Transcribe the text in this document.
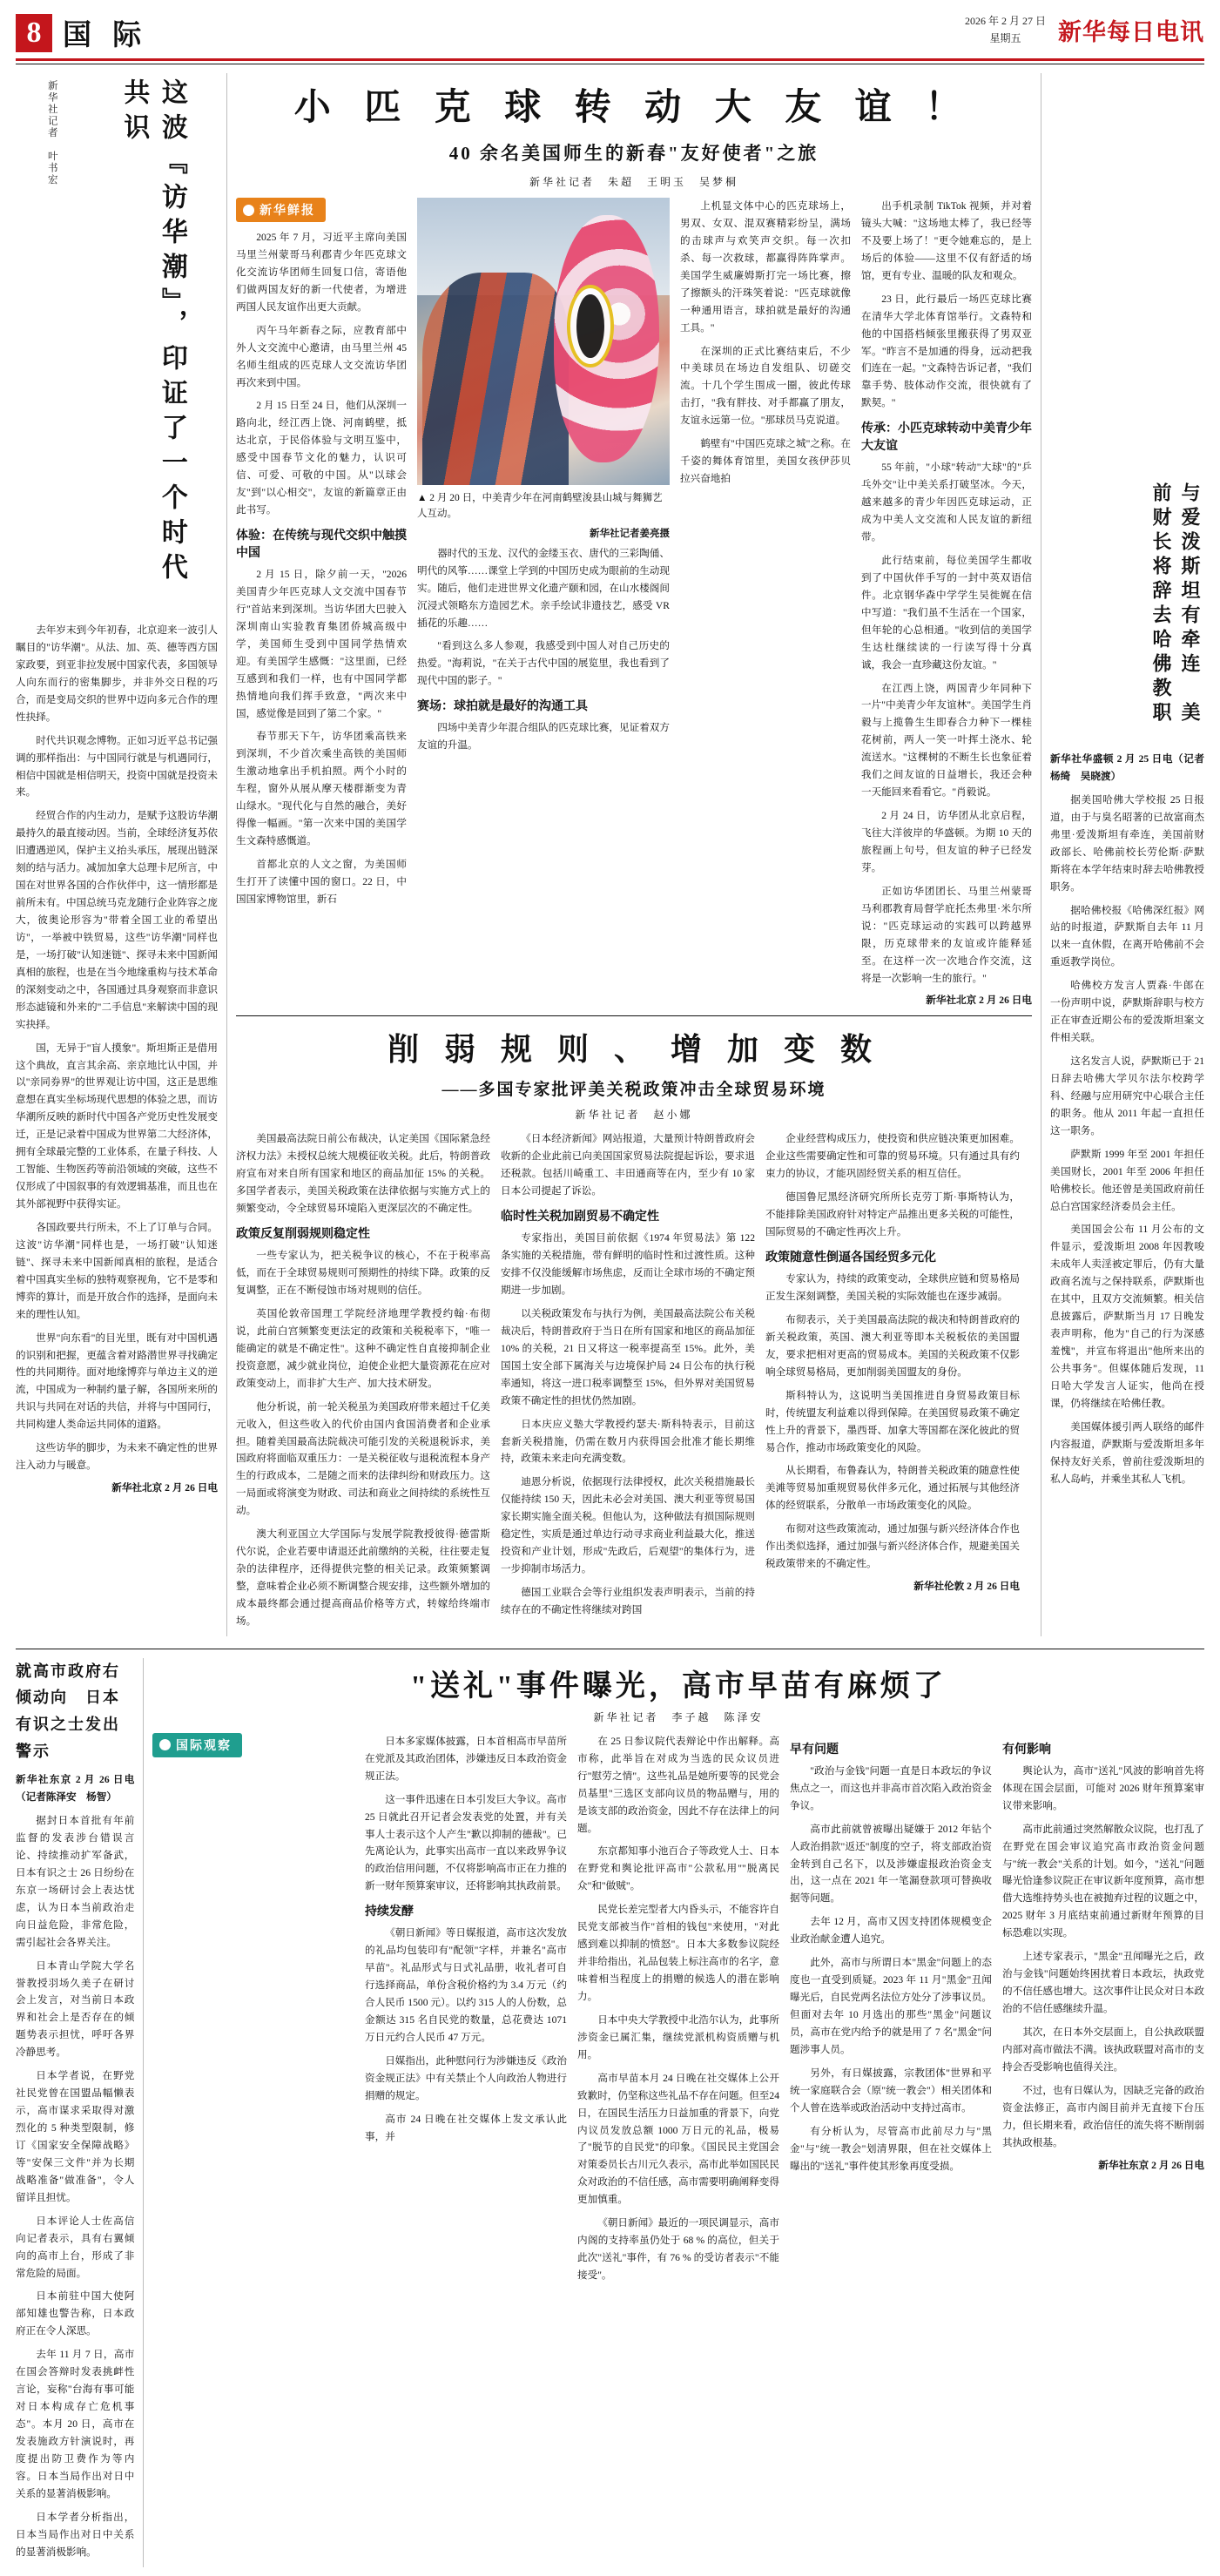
8 国 际	2026 年 2 月 27 日
星期五	新华每日电讯
这波『访华潮』，印证了一个时代共识
新华社记者　叶书宏

去年岁末到今年初春，北京迎来一波引人瞩目的"访华潮"。从法、加、英、德等西方国家政要，到亚非拉发展中国家代表，多国领导人向东而行的密集脚步，并非外交日程的巧合，而是变局交织的世界中迈向多元合作的理性抉择。

时代共识观念博物。正如习近平总书记强调的那样指出：与中国同行就是与机遇同行，相信中国就是相信明天，投资中国就是投资未来。

经贸合作的内生动力，是赋予这股访华潮最持久的最直接动因。当前，全球经济复苏依旧遭遇逆风，保护主义抬头承压，展现出链深刻的结与活力。减加加拿大总理卡尼所言，中国在对世界各国的合作伙伴中，这一情形都是前所未有。中国总统马克龙随行企业阵容之庞大，彼奥论形容为"带着全国工业的希望出访"，一举被中铁贸易，这些"访华潮"同样也是，一场打破"认知迷链"、探寻未来中国新闻真相的旅程，也是在当今地缘重构与技术革命的深刻变动之中，各国通过具身观察而非意识形态滤镜和外来的"二手信息"来解读中国的现实抉择。

国，无异于"盲人摸象"。斯坦斯正是借用这个典故，直言其余高、亲京地比认中国，并以"亲同券界"的世界观让访中国，这正是思维意想在真实坐标场现代思想的体验之思，而访华潮所反映的新时代中国各产党历史性发展变迁，正是记录着中国成为世界第二大经济体，拥有全球最完整的工业体系，在量子科技、人工智能、生物医药等前沿领域的突破，这些不仅形成了中国叙事的有效逻辑基准，而且也在其外部视野中获得实证。

各国政要共行所未，不上了订单与合同。这波"访华潮"同样也是，一场打破"认知迷链"、探寻未来中国新闻真相的旅程，是适合着中国真实坐标的独特观察视角，它不是零和博弈的算计，而是开放合作的选择，是面向未来的理性认知。

世界"向东看"的目光里，既有对中国机遇的识别和把握，更蕴含着对路潜世界寻找确定性的共同期待。面对地缘博弈与单边主义的逆流，中国成为一种制约量子解，各国所来所的共识与共同在对话的共信，并将与中国同行，共同构建人类命运共同体的道路。

这些访华的脚步，为未来不确定性的世界注入动力与暖意。

新华社北京 2 月 26 日电
小 匹 克 球 转 动 大 友 谊 ！
40 余名美国师生的新春"友好使者"之旅
新华社记者　朱超　王明玉　吴梦桐
新华鲜报

2025 年 7 月，习近平主席向美国马里兰州蒙哥马利郡青少年匹克球文化交流访华团师生回复口信，寄语他们做两国友好的新一代使者，为增进两国人民友谊作出更大贡献。

丙午马年新春之际，应教育部中外人文交流中心邀请，由马里兰州 45 名师生组成的匹克球人文交流访华团再次来到中国。

2 月 15 日至 24 日，他们从深圳一路向北，经江西上饶、河南鹤壁，抵达北京，于民俗体验与文明互鉴中，感受中国春节文化的魅力，认识可信、可爱、可敬的中国。从"以球会友"到"以心相交"，友谊的新篇章正由此书写。

体验：在传统与现代交织中触摸中国

2 月 15 日，除夕前一天，"2026 美国青少年匹克球人文交流中国春节行"首站来到深圳。当访华团大巴驶入深圳南山实验教育集团侨城高级中学，美国师生受到中国同学热情欢迎。有美国学生感慨："这里面，已经互感到和我们一样，也有中国同学都热情地向我们挥手致意，"两次来中国，感觉像是回到了第二个家。"

春节那天下午，访华团乘高铁来到深圳，不少首次乘坐高铁的美国师生激动地拿出手机拍照。两个小时的车程，窗外从展从摩天楼群渐变为青山绿水。"现代化与自然的融合，美好得像一幅画。"第一次来中国的美国学生文森特感慨道。

首都北京的人文之窗，为美国师生打开了读懂中国的窗口。22 日，中国国家博物馆里，新石

▲ 2 月 20 日，中美青少年在河南鹤壁浚县山城与舞狮艺人互动。
新华社记者姜亮摄

器时代的玉龙、汉代的金缕玉衣、唐代的三彩陶俑、明代的风筝……课堂上学到的中国历史成为眼前的生动现实。随后，他们走进世界文化遗产颐和园，在山水楼阁间沉浸式领略东方造园艺术。亲手绘试非遗技艺，感受 VR 插花的乐趣……

"看到这么多人参观，我感受到中国人对自己历史的热爱。"海莉说，"在关于古代中国的展览里，我也看到了现代中国的影子。"

赛场：球拍就是最好的沟通工具

四场中美青少年混合组队的匹克球比赛，见证着双方友谊的升温。

上机显文体中心的匹克球场上，男双、女双、混双赛精彩纷呈，满场的击球声与欢笑声交织。每一次扣杀、每一次救球，都赢得阵阵掌声。美国学生威廉姆斯打完一场比赛，擦了擦额头的汗珠笑着说："匹克球就像一种通用语言，球拍就是最好的沟通工具。"

在深圳的正式比赛结束后，不少中美球员在场边自发组队、切磋交流。十几个学生围成一圈，彼此传球击打，"我有胖技、对手都赢了朋友，友谊永远第一位。"那球员马克说道。

鹤壁有"中国匹克球之城"之称。在千姿的舞体育馆里，美国女孩伊莎贝拉兴奋地拍

出手机录制 TikTok 视频，并对着镜头大喊："这场地太棒了，我已经等不及要上场了！"更令她难忘的，是上场后的体验——这里不仅有舒适的场馆，更有专业、温暖的队友和观众。

23 日，此行最后一场匹克球比赛在清华大学北体育馆举行。文森特和他的中国搭档倾张里搬获得了男双亚军。"昨言不是加通的得身，远动把我们连在一起。"文森特告诉记者，"我们靠手势、肢体动作交流，很快就有了默契。"

传承：小匹克球转动中美青少年大友谊

55 年前，"小球"转动"大球"的"乒乓外交"让中美关系打破坚冰。今天，越来越多的青少年因匹克球运动，正成为中美人文交流和人民友谊的新纽带。

此行结束前，每位美国学生都收到了中国伙伴手写的一封中英双语信件。北京钢华森中学学生吴徙娓在信中写道："我们虽不生活在一个国家，但年轮的心总相通。"收到信的美国学生达杜继续读的一行读写得十分真诚，我会一直珍藏这份友谊。"

在江西上饶，两国青少年同种下一片"中美青少年友谊林"。美国学生肖毅与上揽鲁生生即春合力种下一棵桂花树前，两人一笑一叶挥土浇水、轮流送水。"这棵树的不断生长也象征着我们之间友谊的日益增长，我还会种一天能回来看看它。"肖毅说。

2 月 24 日，访华团从北京启程，飞往大洋彼岸的华盛顿。为期 10 天的旅程画上句号，但友谊的种子已经发芽。

正如访华团团长、马里兰州蒙哥马利郡教育局督学庇托杰弗里·米尔所说："匹克球运动的实践可以跨越界限，历克球带来的友谊或许能释延至。在这样一次一次地合作交流，这将是一次影响一生的旅行。"

新华社北京 2 月 26 日电
削 弱 规 则 、 增 加 变 数
——多国专家批评美关税政策冲击全球贸易环境
新华社记者　赵小娜

美国最高法院日前公布裁决，认定美国《国际紧急经济权力法》未授权总统大规模征收关税。此后，特朗普政府宣布对来自所有国家和地区的商品加征 15% 的关税。多国学者表示，美国关税政策在法律依据与实施方式上的频繁变动，令全球贸易环境陷入更深层次的不确定性。

政策反复削弱规则稳定性

一些专家认为，把关税争议的核心，不在于税率高低，而在于全球贸易规则可预期性的持续下降。政策的反复调整，正在不断侵蚀市场对规则的信任。

英国伦敦帝国理工学院经济地理学教授约翰·布彻说，此前白宫频繁变更法定的政策和关税税率下，"唯一能确定的就是不确定性"。这种不确定性自直接抑制企业投资意愿，减少就业岗位，迫使企业把大量资源花在应对政策变动上，而非扩大生产、加大技术研发。

他分析说，前一轮关税虽为美国政府带来超过千亿美元收入，但这些收入的代价由国内食国消费者和企业承担。随着美国最高法院裁决可能引发的关税退税诉求，美国政府将面临双重压力：一是关税征收与退税流程本身产生的行政成本，二是随之而来的法律纠纷和财政压力。这一局面或将演变为财政、司法和商业之间持续的系统性互动。

澳大利亚国立大学国际与发展学院教授彼得·德雷斯代尔说，企业若要申请退还此前缴纳的关税，往往要走复杂的法律程序，还得提供完整的相关记录。政策频繁调整，意味着企业必须不断调整合规安排，这些额外增加的成本最终都会通过提高商品价格等方式，转嫁给终端市场。

《日本经济新闻》网站报道，大量预计特朗普政府会收新的企业此前已向美国国家贸易法院提起诉讼，要求退还税款。包括川崎重工、丰田通商等在内，至少有 10 家日本公司提起了诉讼。

临时性关税加剧贸易不确定性

专家指出，美国目前依据《1974 年贸易法》第 122 条实施的关税措施，带有鲜明的临时性和过渡性质。这种安排不仅没能缓解市场焦虑，反而让全球市场的不确定预期进一步加剧。

以关税政策发布与执行为例，美国最高法院公布关税裁决后，特朗普政府于当日在所有国家和地区的商品加征 10% 的关税，21 日又将这一税率提高至 15%。此外，美国国土安全部下属海关与边境保护局 24 日公布的执行税率通知，将这一进口税率调整至 15%，但外界对美国贸易政策不确定性的担忧仍然加剧。

日本庆应义塾大学教授约瑟夫·斯科特表示，目前这套新关税措施，仍需在数月内获得国会批准才能长期维持，政策未来走向充满变数。

迪恩分析说，依据现行法律授权，此次关税措施最长仅能持续 150 天，因此未必会对美国、澳大利亚等贸易国家长期实施全面关税。但他认为，这种做法有损国际规则稳定性，实质是通过单边行动寻求商业利益最大化，推送投资和产业计划，形成"先政后，后观望"的集体行为，进一步抑制市场活力。

德国工业联合会等行业组织发表声明表示，当前的持续存在的不确定性将继续对跨国

企业经营构成压力，使投资和供应链决策更加困难。企业这些需要确定性和可靠的贸易环境。只有通过具有约束力的协议，才能巩固经贸关系的相互信任。

德国鲁尼黑经济研究所所长克劳丁斯·事斯特认为，不能排除美国政府针对特定产品推出更多关税的可能性，国际贸易的不确定性再次上升。

政策随意性倒逼各国经贸多元化

专家认为，持续的政策变动，全球供应链和贸易格局正发生深刻调整，美国关税的实际效能也在逐步减弱。

布彻表示，关于美国最高法院的裁决和特朗普政府的新关税政策，英国、澳大利亚等即本关税板依的美国盟友，要求把相对更高的贸易成本。美国的关税政策不仅影响全球贸易格局，更加削弱美国盟友的身份。

斯科特认为，这说明当美国推进自身贸易政策目标时，传统盟友利益难以得到保障。在美国贸易政策不确定性上升的背景下，墨西哥、加拿大等国都在深化彼此的贸易合作，推动市场政策变化的风险。

从长期看，布鲁森认为，特朗普关税政策的随意性使美滩等贸易加重规贸易伙伴多元化，通过拓展与其他经济体的经贸联系，分散单一市场政策变化的风险。

布彻对这些政策流动，通过加强与新兴经济体合作也作出类似选择，通过加强与新兴经济体合作，规避美国关税政策带来的不确定性。

新华社伦敦 2 月 26 日电
与爱泼斯坦有牵连　美前财长将辞去哈佛教职

新华社华盛顿 2 月 25 日电（记者杨绮　吴晓渡）

据美国哈佛大学校报 25 日报道，由于与臭名昭著的已故富商杰弗里·爱泼斯坦有牵连，美国前财政部长、哈佛前校长劳伦斯·萨默斯将在本学年结束时辞去哈佛教授职务。

据哈佛校报《哈佛深红报》网站的时报道，萨默斯自去年 11 月以来一直休假，在离开哈佛前不会重返教学岗位。

哈佛校方发言人贾森·牛郎在一份声明中说，萨默斯辞职与校方正在审查近期公布的爱泼斯坦案文件相关联。

这名发言人说，萨默斯已于 21 日辞去哈佛大学贝尔法尔校跨学科、经融与应用研究中心联合主任的职务。他从 2011 年起一直担任这一职务。

萨默斯 1999 年至 2001 年担任美国财长，2001 年至 2006 年担任哈佛校长。他还曾是美国政府前任总白宫国家经济委员会主任。

美国国会公布 11 月公布的文件显示，爱泼斯坦 2008 年因教唆未成年人卖淫被定罪后，仍有大量政商名流与之保持联系，萨默斯也在其中，且双方交流频繁。相关信息披露后，萨默斯当月 17 日晚发表声明称，他为"自己的行为深感羞愧"，并宣布将退出"他所来出的公共事务"。但媒体随后发现，11 日哈大学发言人证实，他尚在授课，仍将继续在哈佛任教。

美国媒体援引两人联络的邮件内容报道，萨默斯与爱泼斯坦多年保持友好关系，曾前往爱泼斯坦的私人岛屿，并乘坐其私人飞机。

就高市政府右倾动向　日本有识之士发出警示

新华社东京 2 月 26 日电（记者陈泽安　杨智）

据封日本首批有年前监督的发表涉台错误言论、持续推动扩军备武，日本有识之士 26 日纷纷在东京一场研讨会上表达忧虑，认为日本当前政治走向日益危险，非常危险，需引起社会各界关注。

日本青山学院大学名誉教授羽场久美子在研讨会上发言，对当前日本政界和社会上是否存在的倾题势表示担忧，呼吁各界冷静思考。

日本学者说，在野党社民党曾在国盟品幅懒表示，高市谋求采取得对激烈化的 5 种类型限制，修订《国家安全保障战略》等"安保三文件"并为长期战略准备"做准备"，令人留详且担忧。

日本评论人士佐高信向记者表示，具有右翼倾向的高市上台，形成了非常危险的局面。

日本前驻中国大使阿部知雄也警告称，日本政府正在令人深思。

去年 11 月 7 日，高市在国会答辩时发表挑衅性言论，妄称"台海有事可能对日本构成存亡危机事态"。本月 20 日，高市在发表施政方针演说时，再度提出防卫费作为等内容。日本当局作出对日中关系的显著消极影响。

日本学者分析指出，日本当局作出对日中关系的显著消极影响。

"送礼"事件曝光，高市早苗有麻烦了
新华社记者　李子越　陈泽安
国际观察	日本多家媒体披露，日本首相高市早苗所在党派及其政治团体，涉嫌违反日本政治资金规正法。

这一事件迅速在日本引发巨大争议。高市 25 日就此召开记者会发表党的处置，并有关事人士表示这个人产生"歉以抑制的德裁"。已先离论认为，此事实出高市一直以来政界争议的政治信用问题，不仅将影响高市正在力推的新一财年预算案审议，还将影响其执政前景。

持续发酵

《朝日新闻》等日媒报道，高市这次发放的礼品均包装印有"配领"字样，并兼名"高市早苗"。礼品形式与日式礼品册，收礼者可自行选择商品，单份含税价格约为 3.4 万元（约合人民币 1500 元）。以约 315 人的人份数，总金额达 315 名自民党的数量，总花费达 1071 万日元约合人民币 47 万元。

日媒指出，此种慰问行为涉嫌违反《政治资金规正法》中有关禁止个人向政治人物进行捐赠的规定。

高市 24 日晚在社交媒体上发文承认此事，并

在 25 日参议院代表辩论中作出解释。高市称，此举旨在对成为当选的民众议员进行"慰劳之情"。这些礼品是她所要等的民党会员基里"三选区支部向议员的物品赠与，用的是该支部的政治资金，因此不存在法律上的问题。

东京都知事小池百合子等政党人士、日本在野党和舆论批评高市"公款私用""脱离民众"和"做贼"。

民党长差完型者大内昏头示，不能容许自民党支部被当作"首相的钱包"来使用，"对此感到难以抑制的愤怒"。日本大多数参议院经并非给指出，礼品包装上标注高市的名字，意味着相当程度上的捐赠的候选人的潜在影响力。

日本中央大学教授中北浩尔认为，此事所涉资金已属汇集，继续党派机构资质赠与机用。

高市早苗本月 24 日晚在社交媒体上公开致歉时，仍坚称这些礼品不存在问题。但至24 日，在国民生活压力日益加重的背景下，向党内议员发放总额 1000 万日元的礼品，极易了"脱节的自民党"的印象。《国民民主党国会对策委员长古川元久表示，高市此举如国民民众对政治的不信任感，高市需要明确阐释变得更加慎重。

《朝日新闻》最近的一项民调显示，高市内阁的支持率虽仍处于 68 % 的高位，但关于此次"送礼"事件，有 76 % 的受访者表示"不能接受"。

早有问题

"政治与金钱"问题一直是日本政坛的争议焦点之一，而这也并非高市首次陷入政治资金争议。

高市此前就曾被曝出疑嫌于 2012 年钻个人政治捐款"返还"制度的空子，将支部政治资金转到自己名下，以及涉嫌虚报政治资金支出，这一点在 2021 年一笔漏登款项可替换收据等问题。

去年 12 月，高市又因支持团体规模变企业政治献金遭人追究。

此外，高市与所谓日本"黑金"问题上的态度也一直受到质疑。2023 年 11 月"黑金"丑闻曝光后，自民党两名法位方处分了涉事议员。但面对去年 10 月选出的那些"黑金"问题议员，高市在党内给予的就是用了 7 名"黑金"问题涉事人员。

另外，有日媒披露，宗教团体"世界和平统一家庭联合会（原"统一教会"）相关团体和个人曾在选举或政治活动中支持过高市。

有分析认为，尽管高市此前尽力与"黑金"与"统一教会"划清界限，但在社交媒体上曝出的"送礼"事件使其形象再度受损。

有何影响

舆论认为，高市"送礼"风波的影响首先将体现在国会层面，可能对 2026 财年预算案审议带来影响。

高市此前通过突然解散众议院，也打乱了在野党在国会审议追究高市政治资金问题与"统一教会"关系的计划。如今，"送礼"问题曝光恰逢参议院正在审议新年度预算，高市想借大选维持势头也在被抛弃过程的议题之中，2025 财年 3 月底结束前通过新财年预算的目标恐难以实现。

上述专家表示，"黑金"丑闻曝光之后，政治与金钱"问题始终困扰着日本政坛，执政党的不信任感也增大。这次事件让民众对日本政治的不信任感继续升温。

其次，在日本外交层面上，自公执政联盟内部对高市做法不满。该执政联盟对高市的支持会否受影响也值得关注。

不过，也有日媒认为，因缺乏完备的政治资金法修正，高市内阁目前并无直接下台压力，但长期来看，政治信任的流失将不断削弱其执政根基。

新华社东京 2 月 26 日电
